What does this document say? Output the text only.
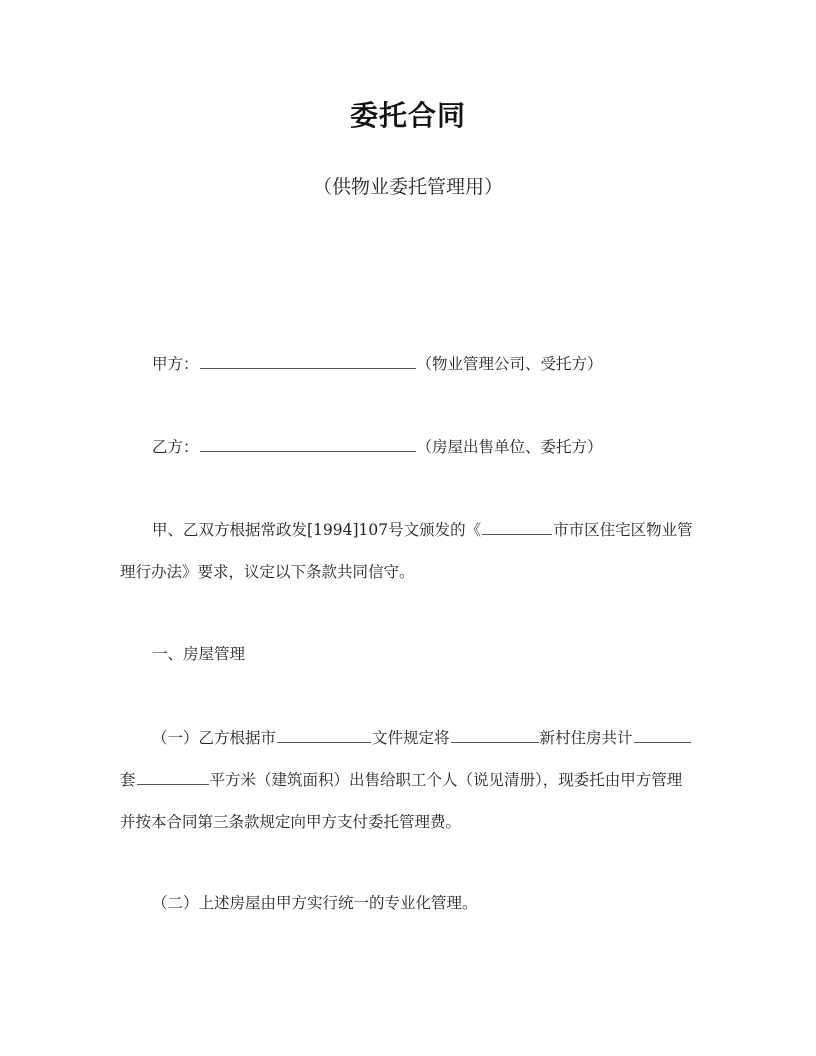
委托合同
（供物业委托管理用）
甲方：	（物业管理公司、受托方）
乙方：	（房屋出售单位、委托方）
甲、乙双方根据常政发[1994]107号文颁发的《	市市区住宅区物业管
理行办法》要求，议定以下条款共同信守。
一、房屋管理
（一）乙方根据市	文件规定将	新村住房共计
套	平方米（建筑面积）出售给职工个人（说见清册），现委托由甲方管理
并按本合同第三条款规定向甲方支付委托管理费。
（二）上述房屋由甲方实行统一的专业化管理。
